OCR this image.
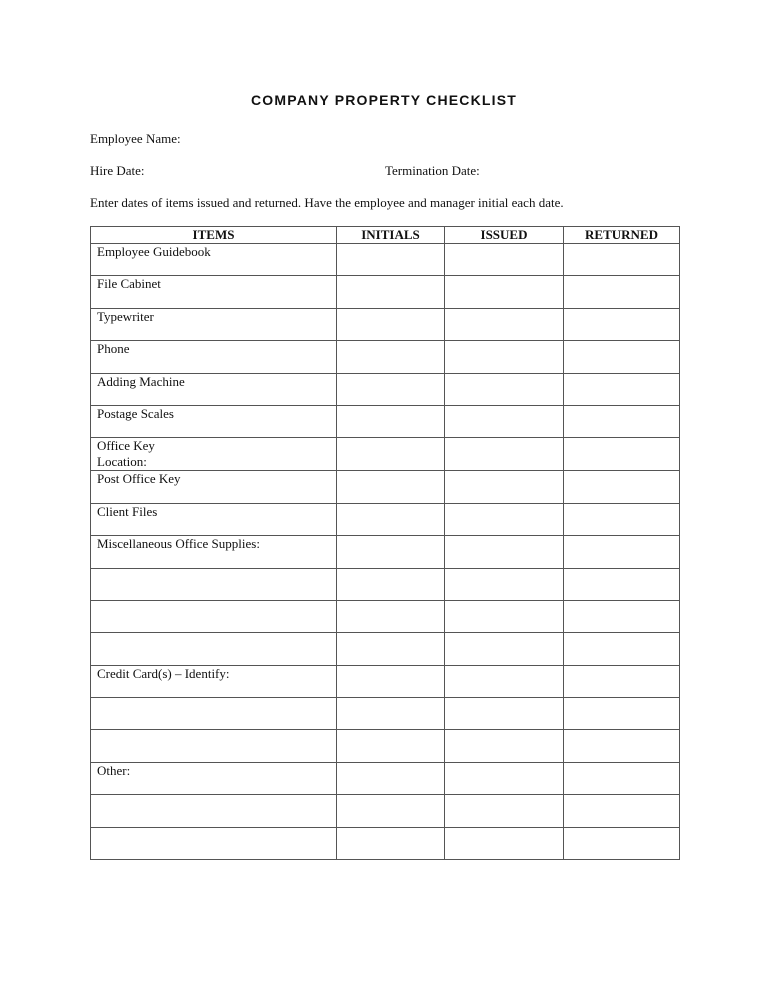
COMPANY PROPERTY CHECKLIST
Employee Name:
Hire Date:	Termination Date:
Enter dates of items issued and returned. Have the employee and manager initial each date.
ITEMS	INITIALS	ISSUED	RETURNED

Employee Guidebook			

File Cabinet			

Typewriter			

Phone			

Adding Machine			

Postage Scales			

Office Key
Location:			

Post Office Key			

Client Files			

Miscellaneous Office Supplies:			

Credit Card(s) – Identify:			

Other:			
